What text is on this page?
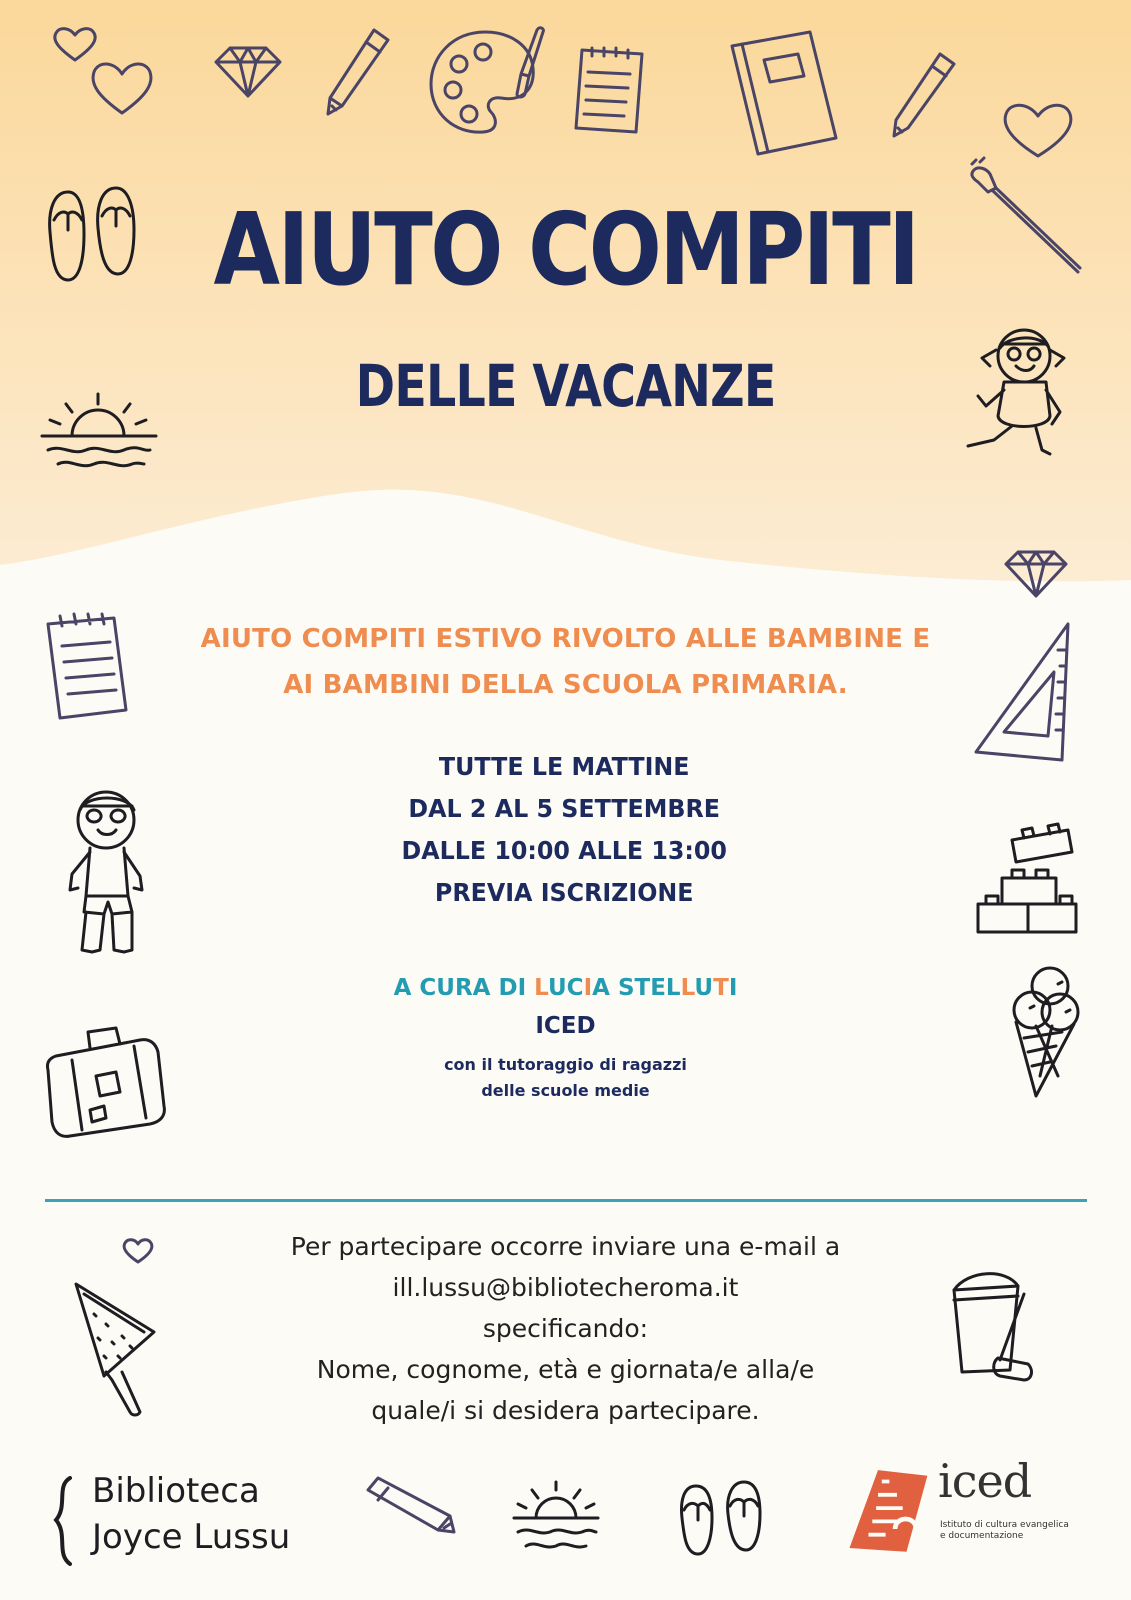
AIUTO COMPITI
DELLE VACANZE

AIUTO COMPITI ESTIVO RIVOLTO ALLE BAMBINE E

AI BAMBINI DELLA SCUOLA PRIMARIA.

TUTTE LE MATTINE

DAL 2 AL 5 SETTEMBRE

DALLE 10:00 ALLE 13:00

PREVIA ISCRIZIONE

A CURA DI LUCIA STELLUTI

ICED

con il tutoraggio di ragazzi

delle scuole medie

Per partecipare occorre inviare una e-mail a

ill.lussu@bibliotecheroma.it

specificando:

Nome, cognome, età e giornata/e alla/e

quale/i si desidera partecipare.

Biblioteca
Joyce Lussu
iced
Istituto di cultura evangelica
e documentazione
